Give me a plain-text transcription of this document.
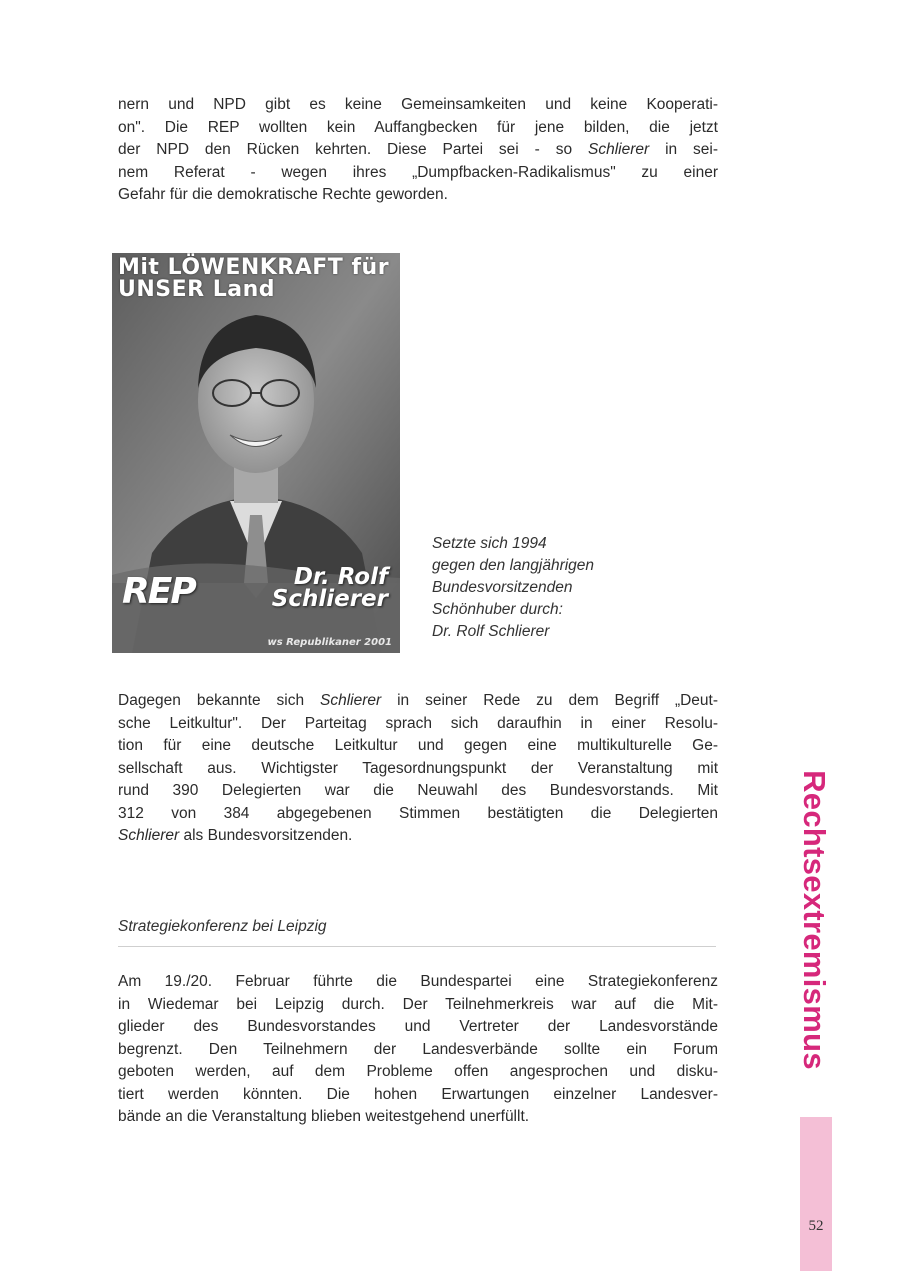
nern und NPD gibt es keine Gemeinsamkeiten und keine Kooperati-
on". Die REP wollten kein Auffangbecken für jene bilden, die jetzt
der NPD den Rücken kehrten. Diese Partei sei - so Schlierer in sei-
nem Referat - wegen ihres „Dumpfbacken-Radikalismus" zu einer
Gefahr für die demokratische Rechte geworden.
Mit LÖWENKRAFT für
UNSER Land
REP	Dr. Rolf
Schlierer
ws Republikaner 2001
Setzte sich 1994
gegen den langjährigen
Bundesvorsitzenden
Schönhuber durch:
Dr. Rolf Schlierer
Dagegen bekannte sich Schlierer in seiner Rede zu dem Begriff „Deut-
sche Leitkultur". Der Parteitag sprach sich daraufhin in einer Resolu-
tion für eine deutsche Leitkultur und gegen eine multikulturelle Ge-
sellschaft aus. Wichtigster Tagesordnungspunkt der Veranstaltung mit
rund 390 Delegierten war die Neuwahl des Bundesvorstands. Mit
312 von 384 abgegebenen Stimmen bestätigten die Delegierten
Schlierer als Bundesvorsitzenden.
Strategiekonferenz bei Leipzig
Am 19./20. Februar führte die Bundespartei eine Strategiekonferenz
in Wiedemar bei Leipzig durch. Der Teilnehmerkreis war auf die Mit-
glieder des Bundesvorstandes und Vertreter der Landesvorstände
begrenzt. Den Teilnehmern der Landesverbände sollte ein Forum
geboten werden, auf dem Probleme offen angesprochen und disku-
tiert werden könnten. Die hohen Erwartungen einzelner Landesver-
bände an die Veranstaltung blieben weitestgehend unerfüllt.
Rechtsextremismus
52
